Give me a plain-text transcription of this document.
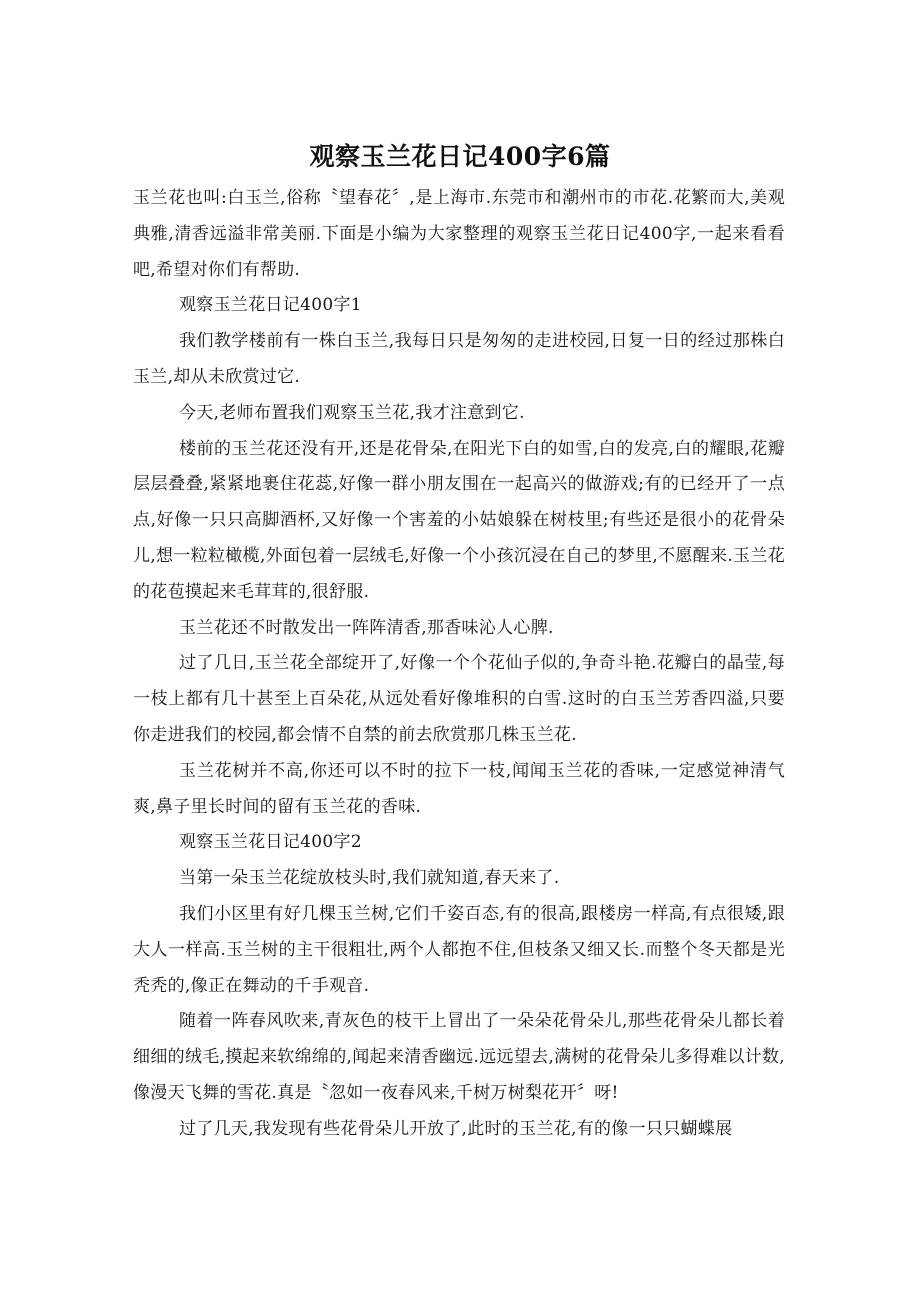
观察玉兰花日记400字6篇

玉兰花也叫:白玉兰,俗称〝望春花〞,是上海市.东莞市和潮州市的市花.花繁而大,美观典雅,清香远溢非常美丽.下面是小编为大家整理的观察玉兰花日记400字,一起来看看吧,希望对你们有帮助.

观察玉兰花日记400字1

我们教学楼前有一株白玉兰,我每日只是匆匆的走进校园,日复一日的经过那株白玉兰,却从未欣赏过它.

今天,老师布置我们观察玉兰花,我才注意到它.

楼前的玉兰花还没有开,还是花骨朵,在阳光下白的如雪,白的发亮,白的耀眼,花瓣层层叠叠,紧紧地裹住花蕊,好像一群小朋友围在一起高兴的做游戏;有的已经开了一点点,好像一只只高脚酒杯,又好像一个害羞的小姑娘躲在树枝里;有些还是很小的花骨朵儿,想一粒粒橄榄,外面包着一层绒毛,好像一个小孩沉浸在自己的梦里,不愿醒来.玉兰花的花苞摸起来毛茸茸的,很舒服.

玉兰花还不时散发出一阵阵清香,那香味沁人心脾.

过了几日,玉兰花全部绽开了,好像一个个花仙子似的,争奇斗艳.花瓣白的晶莹,每一枝上都有几十甚至上百朵花,从远处看好像堆积的白雪.这时的白玉兰芳香四溢,只要你走进我们的校园,都会情不自禁的前去欣赏那几株玉兰花.

玉兰花树并不高,你还可以不时的拉下一枝,闻闻玉兰花的香味,一定感觉神清气爽,鼻子里长时间的留有玉兰花的香味.

观察玉兰花日记400字2

当第一朵玉兰花绽放枝头时,我们就知道,春天来了.

我们小区里有好几棵玉兰树,它们千姿百态,有的很高,跟楼房一样高,有点很矮,跟大人一样高.玉兰树的主干很粗壮,两个人都抱不住,但枝条又细又长.而整个冬天都是光秃秃的,像正在舞动的千手观音.

随着一阵春风吹来,青灰色的枝干上冒出了一朵朵花骨朵儿,那些花骨朵儿都长着细细的绒毛,摸起来软绵绵的,闻起来清香幽远.远远望去,满树的花骨朵儿多得难以计数,像漫天飞舞的雪花.真是〝忽如一夜春风来,千树万树梨花开〞呀!

过了几天,我发现有些花骨朵儿开放了,此时的玉兰花,有的像一只只蝴蝶展
